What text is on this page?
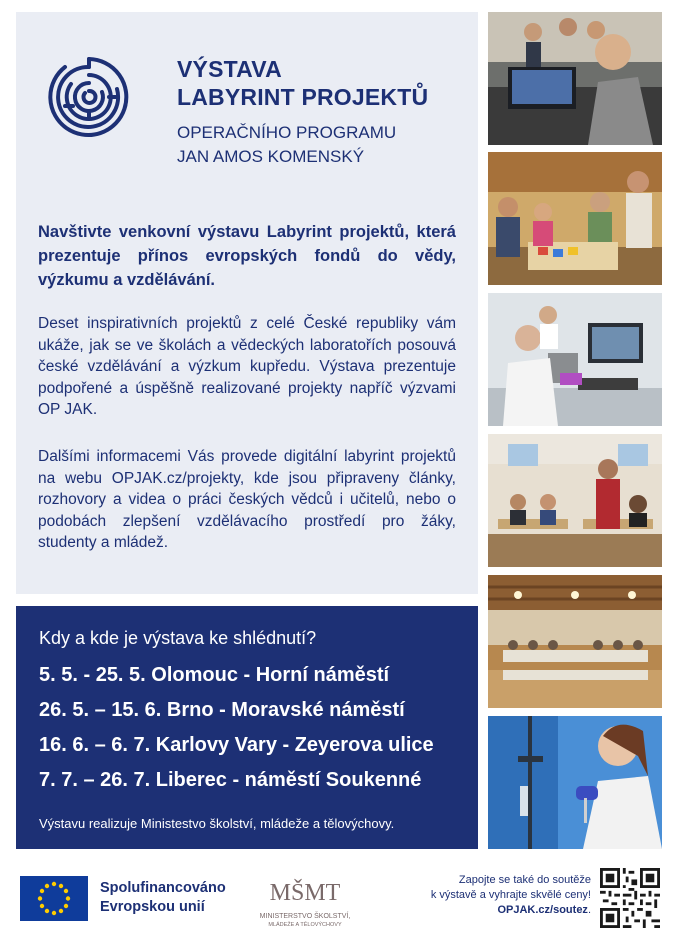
VÝSTAVA
LABYRINT PROJEKTŮ
OPERAČNÍHO PROGRAMU
JAN AMOS KOMENSKÝ
Navštivte venkovní výstavu Labyrint projektů, která prezentuje přínos evropských fondů do vědy, výzkumu a vzdělávání.
Deset inspirativních projektů z celé České republiky vám ukáže, jak se ve školách a vědeckých laboratořích posouvá české vzdělávání a výzkum kupředu. Výstava prezentuje podpořené a úspěšně realizované projekty napříč výzvami OP JAK.
Dalšími informacemi Vás provede digitální labyrint projektů na webu OPJAK.cz/projekty, kde jsou připraveny články, rozhovory a videa o práci českých vědců i učitelů, nebo o podobách zlepšení vzdělávacího prostředí pro žáky, studenty a mládež.
Kdy a kde je výstava ke shlédnutí?
5. 5. - 25. 5. Olomouc - Horní náměstí
26. 5. – 15. 6. Brno - Moravské náměstí
16. 6. – 6. 7. Karlovy Vary - Zeyerova ulice
7. 7. – 26. 7. Liberec - náměstí Soukenné
Výstavu realizuje Ministestvo školství, mládeže a tělovýchovy.
Spolufinancováno
Evropskou unií
MŠMT
MINISTERSTVO ŠKOLSTVÍ,
MLÁDEŽE A TĚLOVÝCHOVY
Zapojte se také do soutěže
k výstavě a vyhrajte skvělé ceny!
OPJAK.cz/soutez.
